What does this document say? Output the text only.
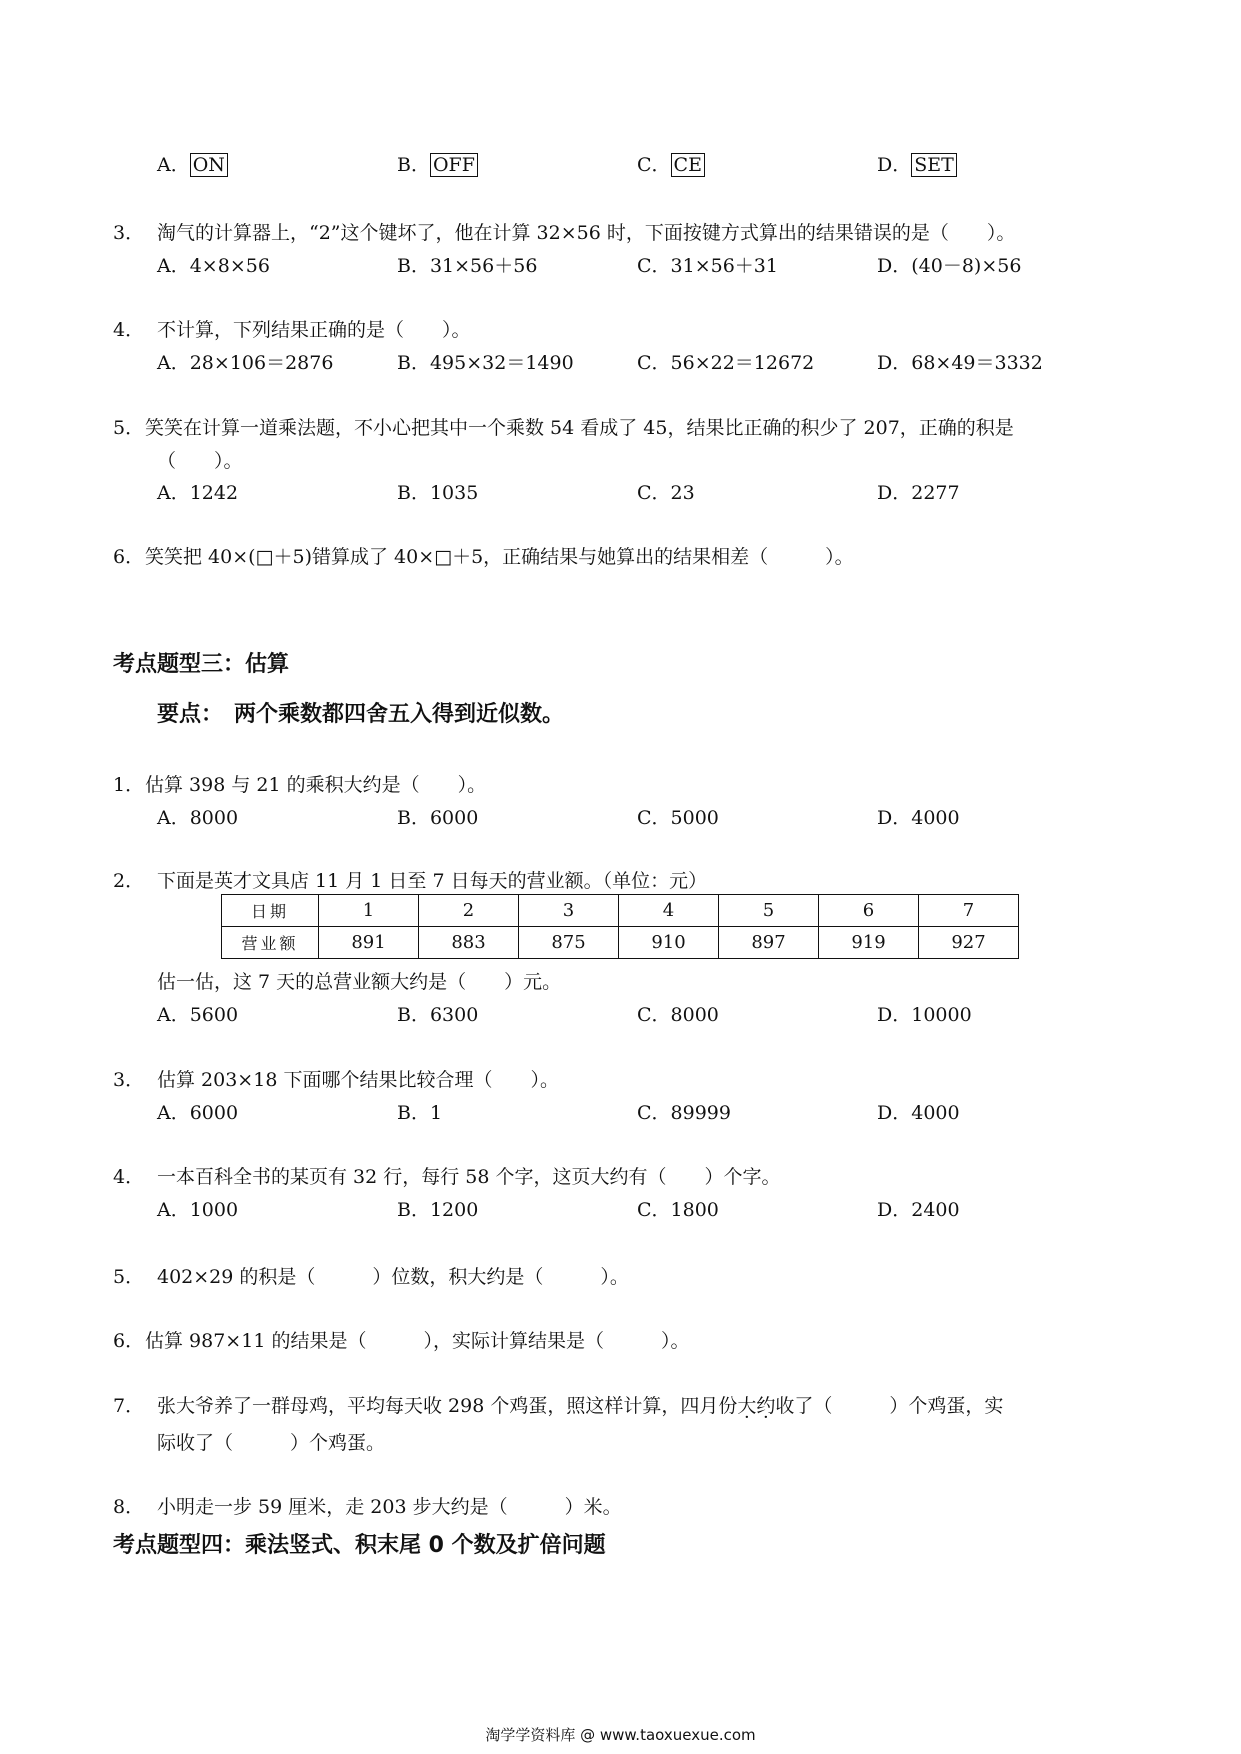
A． ON	B． OFF	C． CE	D． SET
3． 淘气的计算器上，“2”这个键坏了，他在计算 32×56 时，下面按键方式算出的结果错误的是（　　）。
A．4×8×56	B．31×56＋56	C．31×56＋31	D．(40－8)×56
4． 不计算，下列结果正确的是（　　）。
A．28×106＝2876	B．495×32＝1490	C．56×22＝12672	D．68×49＝3332
5． 笑笑在计算一道乘法题，不小心把其中一个乘数 54 看成了 45，结果比正确的积少了 207，正确的积是
（　　）。
A．1242	B．1035	C．23	D．2277
6． 笑笑把 40×(□＋5)错算成了 40×□＋5，正确结果与她算出的结果相差（　　　）。
考点题型三：估算
要点：　两个乘数都四舍五入得到近似数。
1． 估算 398 与 21 的乘积大约是（　　）。
A．8000	B．6000	C．5000	D．4000
2． 下面是英才文具店 11 月 1 日至 7 日每天的营业额。（单位：元）
日期	1	2	3	4	5	6	7
营业额	891	883	875	910	897	919	927
估一估，这 7 天的总营业额大约是（　　）元。
A．5600	B．6300	C．8000	D．10000
3． 估算 203×18 下面哪个结果比较合理（　　）。
A．6000	B．1	C．89999	D．4000
4． 一本百科全书的某页有 32 行，每行 58 个字，这页大约有（　　）个字。
A．1000	B．1200	C．1800	D．2400
5． 402×29 的积是（　　　）位数，积大约是（　　　）。
6． 估算 987×11 的结果是（　　　），实际计算结果是（　　　）。
7． 张大爷养了一群母鸡，平均每天收 298 个鸡蛋，照这样计算，四月份大约收了（　　　）个鸡蛋，实
际收了（　　　）个鸡蛋。
8． 小明走一步 59 厘米，走 203 步大约是（　　　）米。
考点题型四：乘法竖式、积末尾 0 个数及扩倍问题
淘学学资料库 @ www.taoxuexue.com
